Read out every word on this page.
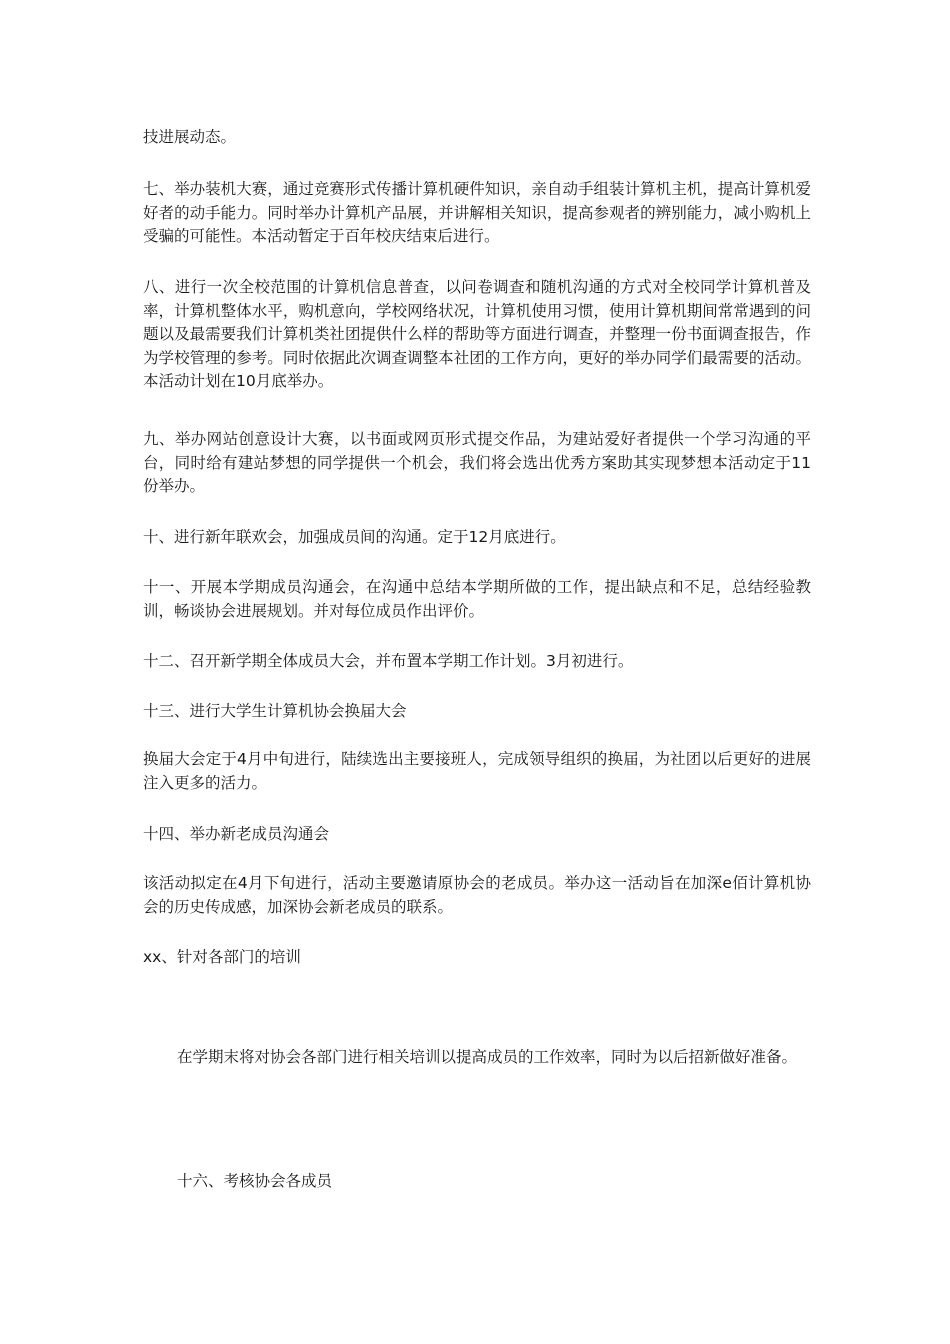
技进展动态。

七、举办装机大赛，通过竞赛形式传播计算机硬件知识，亲自动手组装计算机主机，提高计算机爱好者的动手能力。同时举办计算机产品展，并讲解相关知识，提高参观者的辨别能力，减小购机上受骗的可能性。本活动暂定于百年校庆结束后进行。

八、进行一次全校范围的计算机信息普查，以问卷调查和随机沟通的方式对全校同学计算机普及率，计算机整体水平，购机意向，学校网络状况，计算机使用习惯，使用计算机期间常常遇到的问题以及最需要我们计算机类社团提供什么样的帮助等方面进行调查，并整理一份书面调查报告，作为学校管理的参考。同时依据此次调查调整本社团的工作方向，更好的举办同学们最需要的活动。本活动计划在10月底举办。

九、举办网站创意设计大赛，以书面或网页形式提交作品，为建站爱好者提供一个学习沟通的平台，同时给有建站梦想的同学提供一个机会，我们将会选出优秀方案助其实现梦想本活动定于11份举办。

十、进行新年联欢会，加强成员间的沟通。定于12月底进行。

十一、开展本学期成员沟通会，在沟通中总结本学期所做的工作，提出缺点和不足，总结经验教训，畅谈协会进展规划。并对每位成员作出评价。

十二、召开新学期全体成员大会，并布置本学期工作计划。3月初进行。

十三、进行大学生计算机协会换届大会

换届大会定于4月中旬进行，陆续选出主要接班人，完成领导组织的换届，为社团以后更好的进展注入更多的活力。

十四、举办新老成员沟通会

该活动拟定在4月下旬进行，活动主要邀请原协会的老成员。举办这一活动旨在加深e佰计算机协会的历史传成感，加深协会新老成员的联系。

xx、针对各部门的培训

在学期末将对协会各部门进行相关培训以提高成员的工作效率，同时为以后招新做好准备。

十六、考核协会各成员
